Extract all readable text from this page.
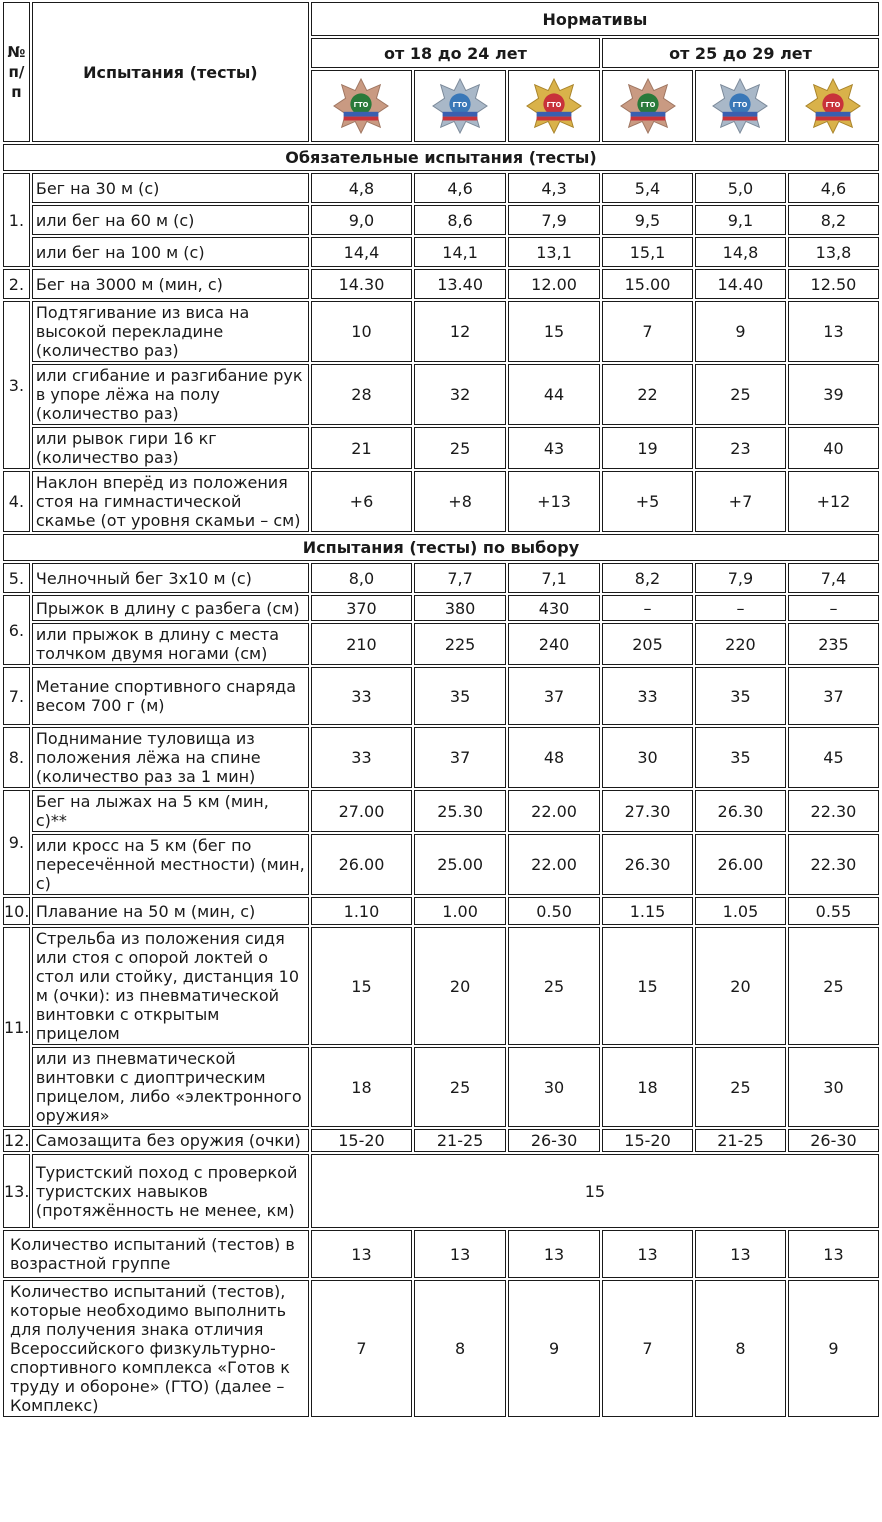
№ п/п	Испытания (тесты)	Нормативы					
		от 18 до 24 лет			от 25 до 29 лет		

ГТО	ГТО	ГТО	ГТО	ГТО	ГТО

Обязательные испытания (тесты)							
1.	Бег на 30 м (с)	4,8	4,6	4,3	5,4	5,0	4,6
	или бег на 60 м (с)	9,0	8,6	7,9	9,5	9,1	8,2
	или бег на 100 м (с)	14,4	14,1	13,1	15,1	14,8	13,8
2.	Бег на 3000 м (мин, с)	14.30	13.40	12.00	15.00	14.40	12.50
3.	Подтягивание из виса на высокой перекладине (количество раз)	10	12	15	7	9	13
	или сгибание и разгибание рук в упоре лёжа на полу (количество раз)	28	32	44	22	25	39
	или рывок гири 16 кг (количество раз)	21	25	43	19	23	40
4.	Наклон вперёд из положения стоя на гимнастической скамье (от уровня скамьи – см)	+6	+8	+13	+5	+7	+12
Испытания (тесты) по выбору							
5.	Челночный бег 3х10 м (с)	8,0	7,7	7,1	8,2	7,9	7,4
6.	Прыжок в длину с разбега (см)	370	380	430	–	–	–
	или прыжок в длину с места толчком двумя ногами (см)	210	225	240	205	220	235
7.	Метание спортивного снаряда весом 700 г (м)	33	35	37	33	35	37
8.	Поднимание туловища из положения лёжа на спине (количество раз за 1 мин)	33	37	48	30	35	45
9.	Бег на лыжах на 5 км (мин, с)**	27.00	25.30	22.00	27.30	26.30	22.30
	или кросс на 5 км (бег по пересечённой местности) (мин, с)	26.00	25.00	22.00	26.30	26.00	22.30
10.	Плавание на 50 м (мин, с)	1.10	1.00	0.50	1.15	1.05	0.55
11.	Стрельба из положения сидя или стоя с опорой локтей о стол или стойку, дистанция 10 м (очки): из пневматической винтовки с открытым прицелом	15	20	25	15	20	25
	или из пневматической винтовки с диоптрическим прицелом, либо «электронного оружия»	18	25	30	18	25	30
12.	Самозащита без оружия (очки)	15-20	21-25	26-30	15-20	21-25	26-30
13.	Туристский поход с проверкой туристских навыков (протяжённость не менее, км)	15					
Количество испытаний (тестов) в возрастной группе		13	13	13	13	13	13
Количество испытаний (тестов), которые необходимо выполнить для получения знака отличия Всероссийского физкультурно-спортивного комплекса «Готов к труду и обороне» (ГТО) (далее – Комплекс)		7	8	9	7	8	9
